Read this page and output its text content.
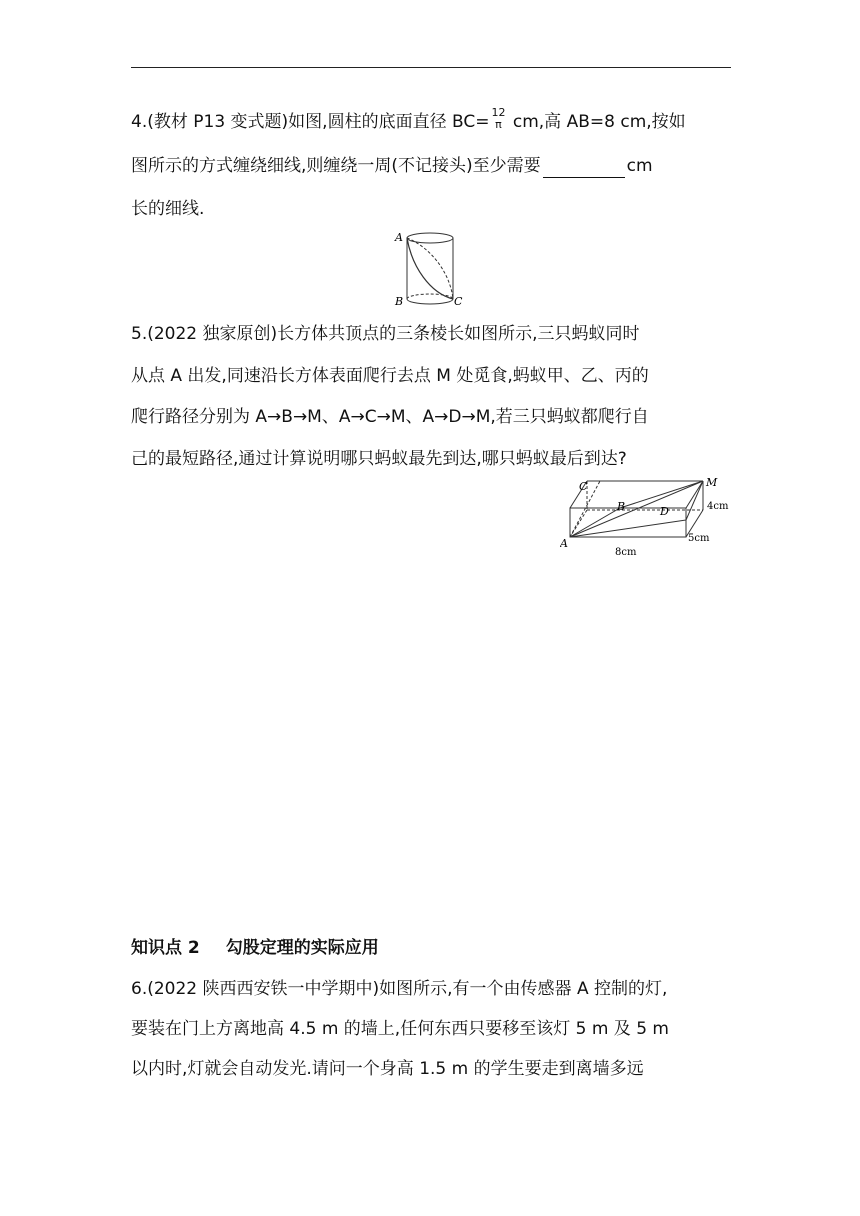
4.(教材 P13 变式题)如图,圆柱的底面直径 BC= 12
π cm,高 AB=8 cm,按如
图所示的方式缠绕细线,则缠绕一周(不记接头)至少需要	cm
长的细线.
A
B	C
5.(2022 独家原创)长方体共顶点的三条棱长如图所示,三只蚂蚁同时
从点 A 出发,同速沿长方体表面爬行去点 M 处觅食,蚂蚁甲、乙、丙的
爬行路径分别为 A→B→M、A→C→M、A→D→M,若三只蚂蚁都爬行自
己的最短路径,通过计算说明哪只蚂蚁最先到达,哪只蚂蚁最后到达?
C	M
B	D
A
4cm
5cm
8cm
知识点 2 勾股定理的实际应用
6.(2022 陕西西安铁一中学期中)如图所示,有一个由传感器 A 控制的灯,
要装在门上方离地高 4.5 m 的墙上,任何东西只要移至该灯 5 m 及 5 m
以内时,灯就会自动发光.请问一个身高 1.5 m 的学生要走到离墙多远
